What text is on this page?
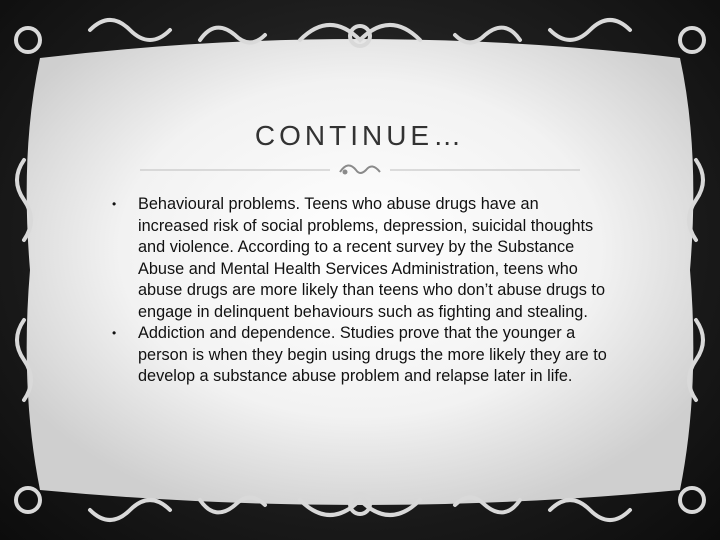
CONTINUE…
• Behavioural problems. Teens who abuse drugs have an increased risk of social problems, depression, suicidal thoughts and violence. According to a recent survey by the Substance Abuse and Mental Health Services Administration, teens who abuse drugs are more likely than teens who don’t abuse drugs to engage in delinquent behaviours such as fighting and stealing.
• Addiction and dependence. Studies prove that the younger a person is when they begin using drugs the more likely they are to develop a substance abuse problem and relapse later in life.
